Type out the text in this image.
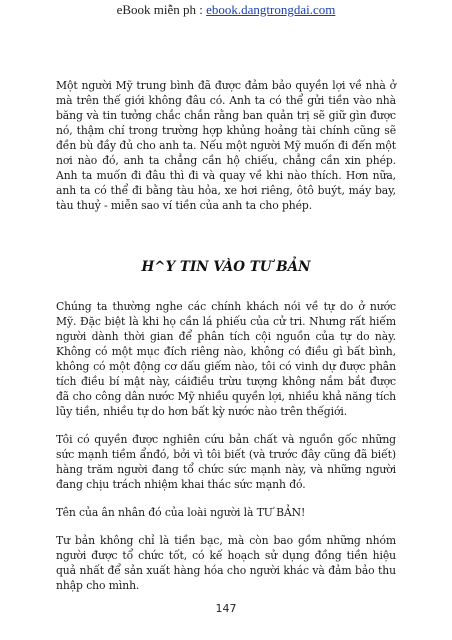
eBook miễn ph : ebook.dangtrongdai.com

Một người Mỹ trung bình đã được đảm bảo quyền lợi về nhà ở mà trên thế giới không đâu có. Anh ta có thể gửi tiền vào nhà băng và tin tưởng chắc chắn rằng ban quản trị sẽ giữ gìn được nó, thậm chí trong trường hợp khủng hoảng tài chính cũng sẽ đền bù đầy đủ cho anh ta. Nếu một người Mỹ muốn đi đến một nơi nào đó, anh ta chẳng cần hộ chiếu, chẳng cần xin phép. Anh ta muốn đi đâu thì đi và quay về khi nào thích. Hơn nữa, anh ta có thể đi bằng tàu hỏa, xe hơi riêng, ôtô buýt, máy bay, tàu thuỷ - miễn sao ví tiền của anh ta cho phép.

H^Y TIN VÀO TƯ BẢN

Chúng ta thường nghe các chính khách nói về tự do ở nước Mỹ. Đặc biệt là khi họ cần lá phiếu của cử tri. Nhưng rất hiếm người dành thời gian để phân tích cội nguồn của tự do này. Không có một mục đích riêng nào, không có điều gì bất bình, không có một động cơ dấu giếm nào, tôi có vinh dự được phân tích điều bí mật này, cáiđiều trừu tượng không nắm bắt được đã cho công dân nước Mỹ nhiều quyền lợi, nhiều khả năng tích lũy tiền, nhiều tự do hơn bất kỳ nước nào trên thếgiới.

Tôi có quyền được nghiên cứu bản chất và nguồn gốc những sức mạnh tiềm ẩnđó, bởi vì tôi biết (và trước đây cũng đã biết) hàng trăm người đang tổ chức sức mạnh này, và những người đang chịu trách nhiệm khai thác sức mạnh đó.

Tên của ân nhân đó của loài người là TƯ BẢN!

Tư bản không chỉ là tiền bạc, mà còn bao gồm những nhóm người được tổ chức tốt, có kế hoạch sử dụng đồng tiền hiệu quả nhất để sản xuất hàng hóa cho người khác và đảm bảo thu nhập cho mình.

147
